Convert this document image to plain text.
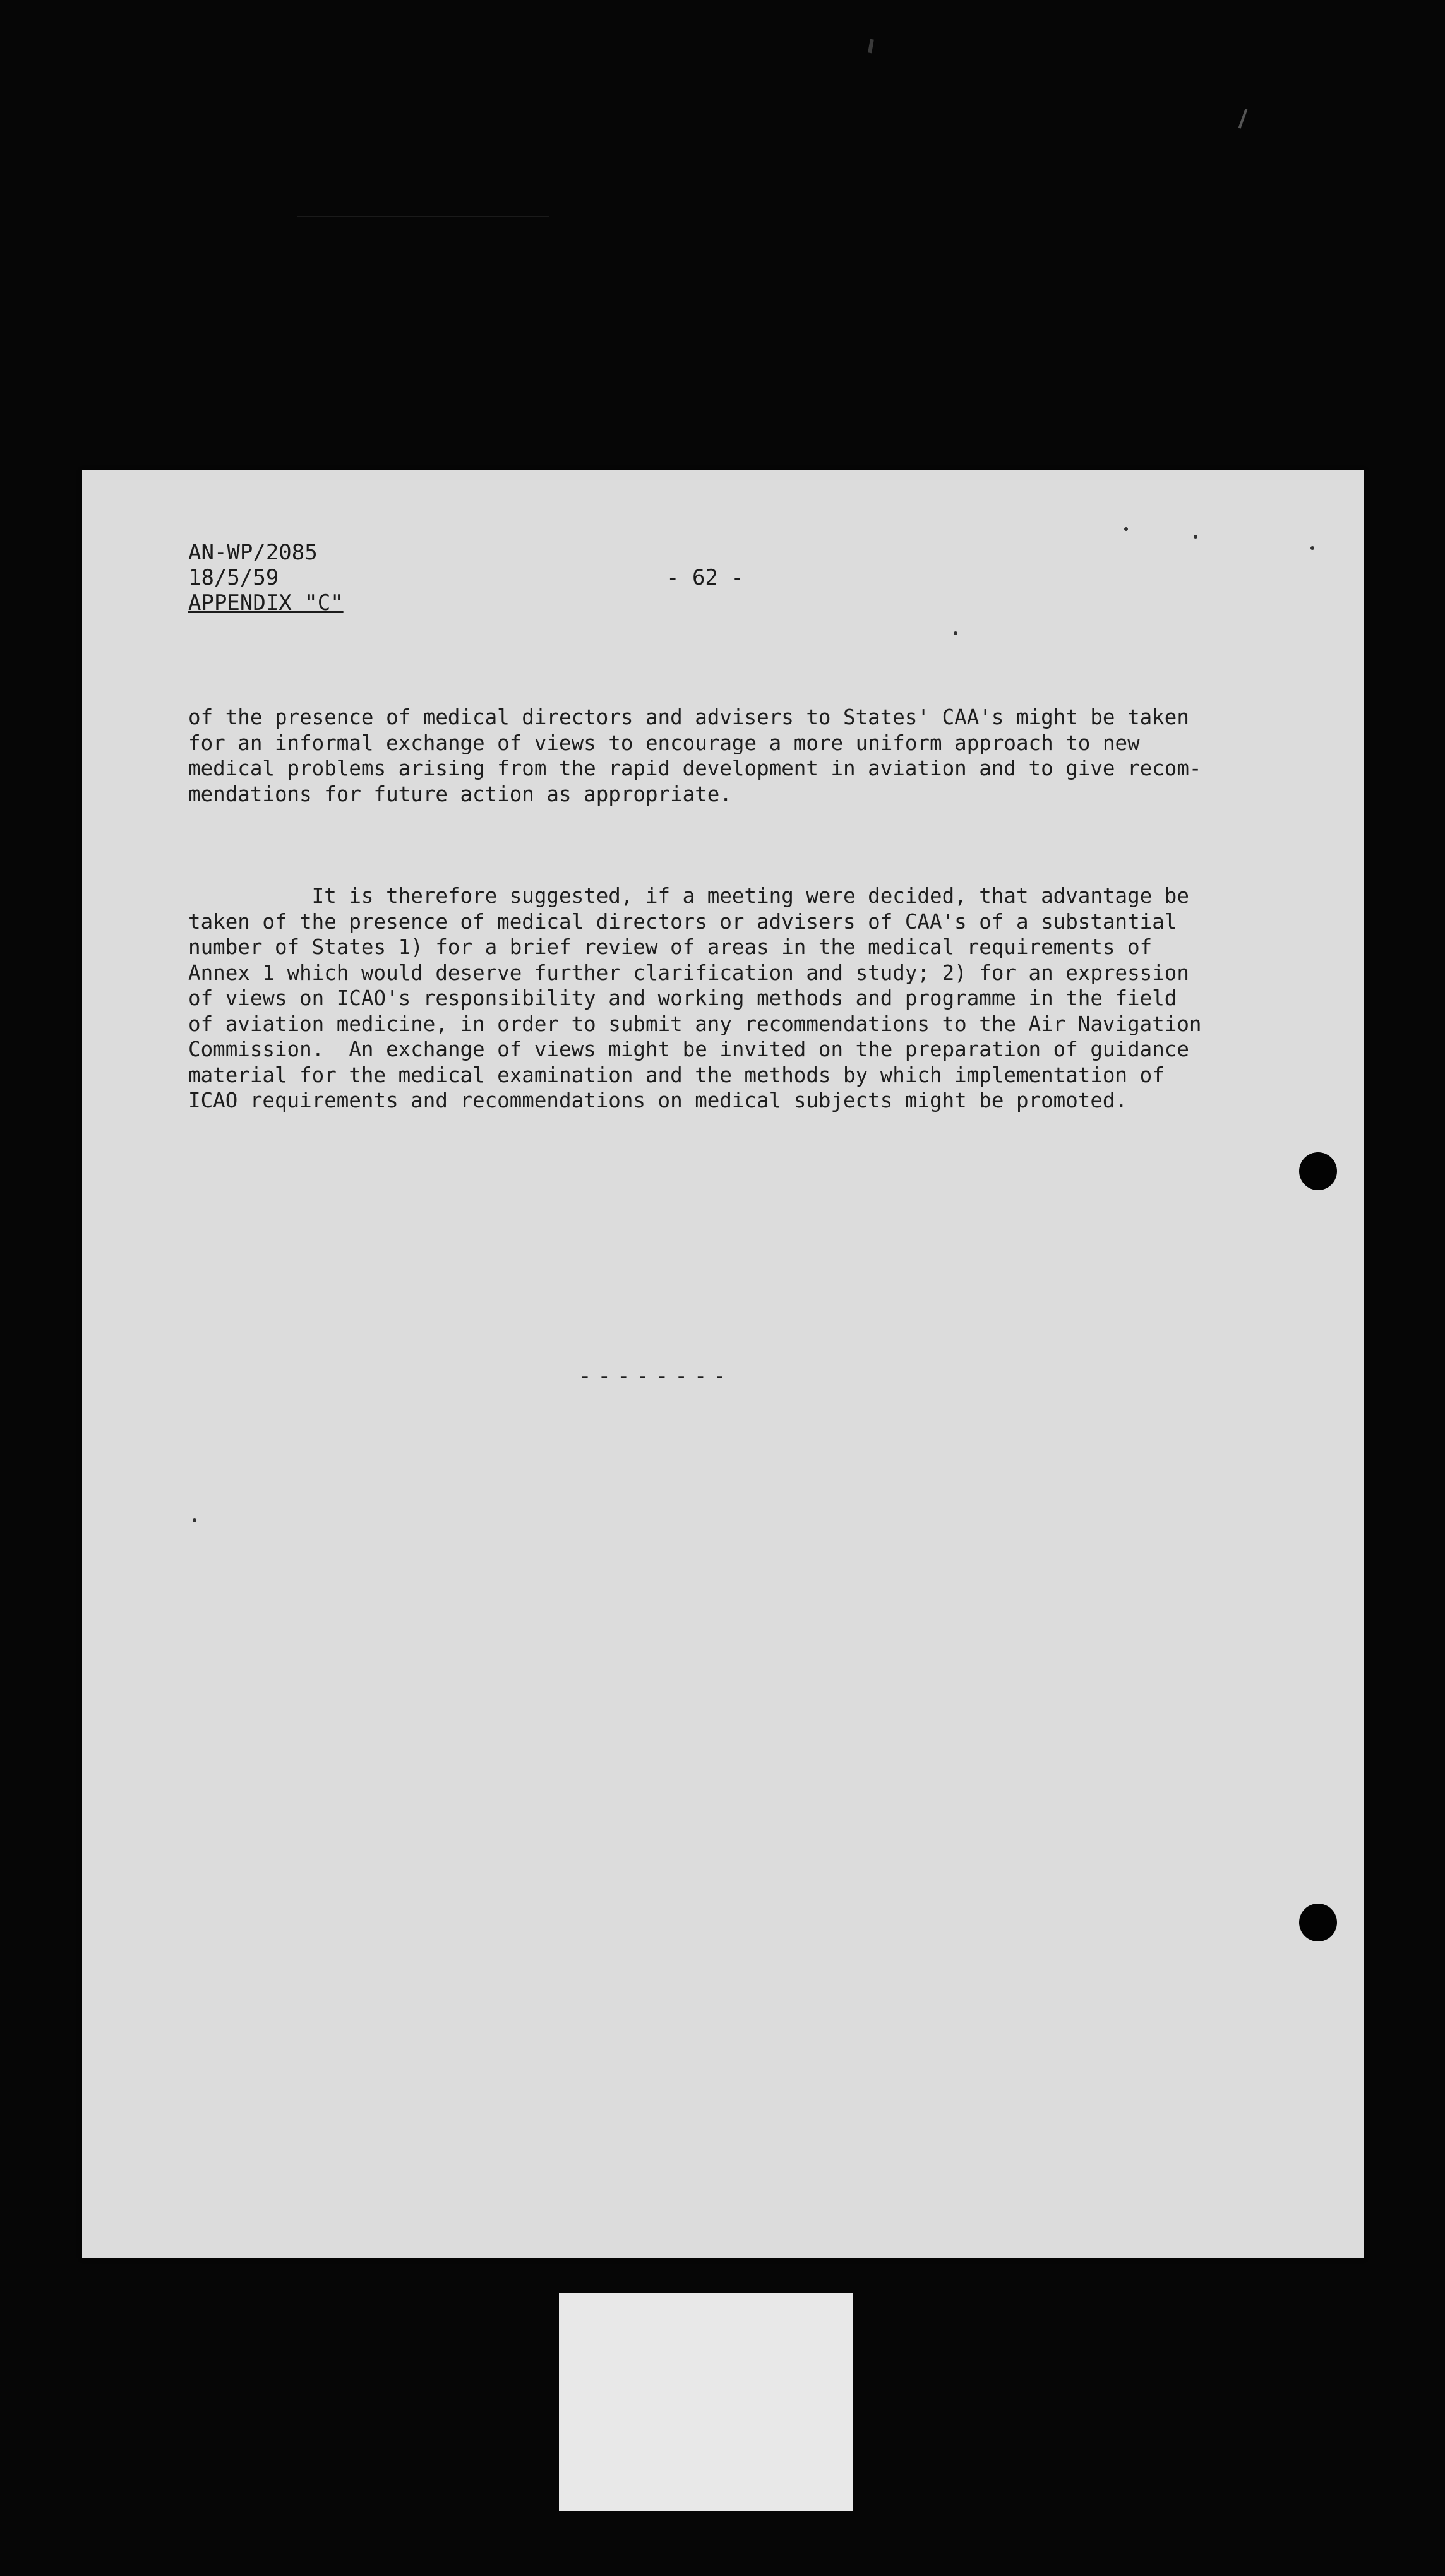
AN-WP/2085
18/5/59
APPENDIX "C"
- 62 -

of the presence of medical directors and advisers to States' CAA's might be taken
for an informal exchange of views to encourage a more uniform approach to new
medical problems arising from the rapid development in aviation and to give recom-
mendations for future action as appropriate.

It is therefore suggested, if a meeting were decided, that advantage be
taken of the presence of medical directors or advisers of CAA's of a substantial
number of States 1) for a brief review of areas in the medical requirements of
Annex 1 which would deserve further clarification and study; 2) for an expression
of views on ICAO's responsibility and working methods and programme in the field
of aviation medicine, in order to submit any recommendations to the Air Navigation
Commission.  An exchange of views might be invited on the preparation of guidance
material for the medical examination and the methods by which implementation of
ICAO requirements and recommendations on medical subjects might be promoted.

--------
